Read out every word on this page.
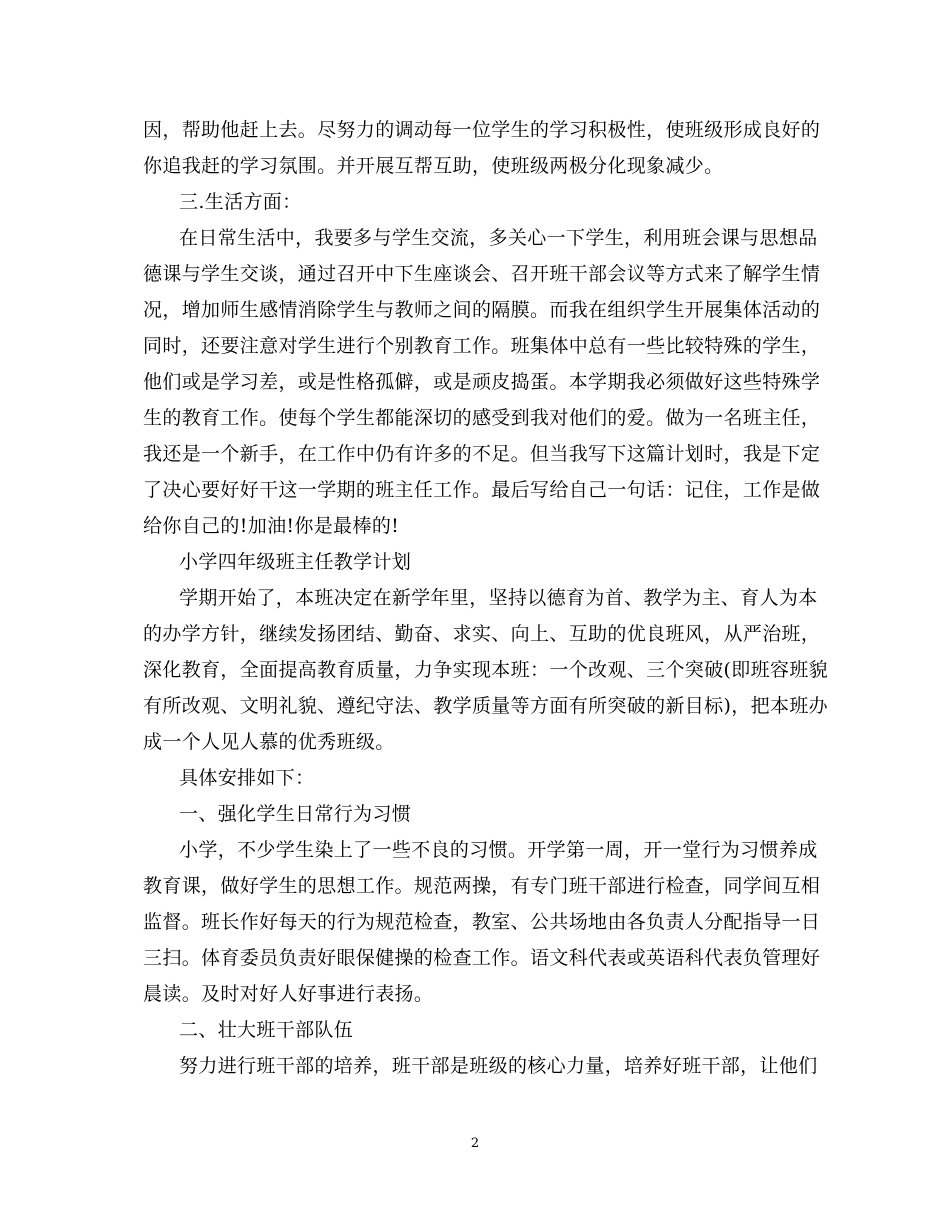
因，帮助他赶上去。尽努力的调动每一位学生的学习积极性，使班级形成良好的
你追我赶的学习氛围。并开展互帮互助，使班级两极分化现象减少。
三.生活方面：
在日常生活中，我要多与学生交流，多关心一下学生，利用班会课与思想品
德课与学生交谈，通过召开中下生座谈会、召开班干部会议等方式来了解学生情
况，增加师生感情消除学生与教师之间的隔膜。而我在组织学生开展集体活动的
同时，还要注意对学生进行个别教育工作。班集体中总有一些比较特殊的学生，
他们或是学习差，或是性格孤僻，或是顽皮捣蛋。本学期我必须做好这些特殊学
生的教育工作。使每个学生都能深切的感受到我对他们的爱。做为一名班主任，
我还是一个新手，在工作中仍有许多的不足。但当我写下这篇计划时，我是下定
了决心要好好干这一学期的班主任工作。最后写给自己一句话：记住，工作是做
给你自己的!加油!你是最棒的!
小学四年级班主任教学计划
学期开始了，本班决定在新学年里，坚持以德育为首、教学为主、育人为本
的办学方针，继续发扬团结、勤奋、求实、向上、互助的优良班风，从严治班，
深化教育，全面提高教育质量，力争实现本班：一个改观、三个突破(即班容班貌
有所改观、文明礼貌、遵纪守法、教学质量等方面有所突破的新目标)，把本班办
成一个人见人慕的优秀班级。
具体安排如下：
一、强化学生日常行为习惯
小学，不少学生染上了一些不良的习惯。开学第一周，开一堂行为习惯养成
教育课，做好学生的思想工作。规范两操，有专门班干部进行检查，同学间互相
监督。班长作好每天的行为规范检查，教室、公共场地由各负责人分配指导一日
三扫。体育委员负责好眼保健操的检查工作。语文科代表或英语科代表负管理好
晨读。及时对好人好事进行表扬。
二、壮大班干部队伍
努力进行班干部的培养，班干部是班级的核心力量，培养好班干部，让他们
2
